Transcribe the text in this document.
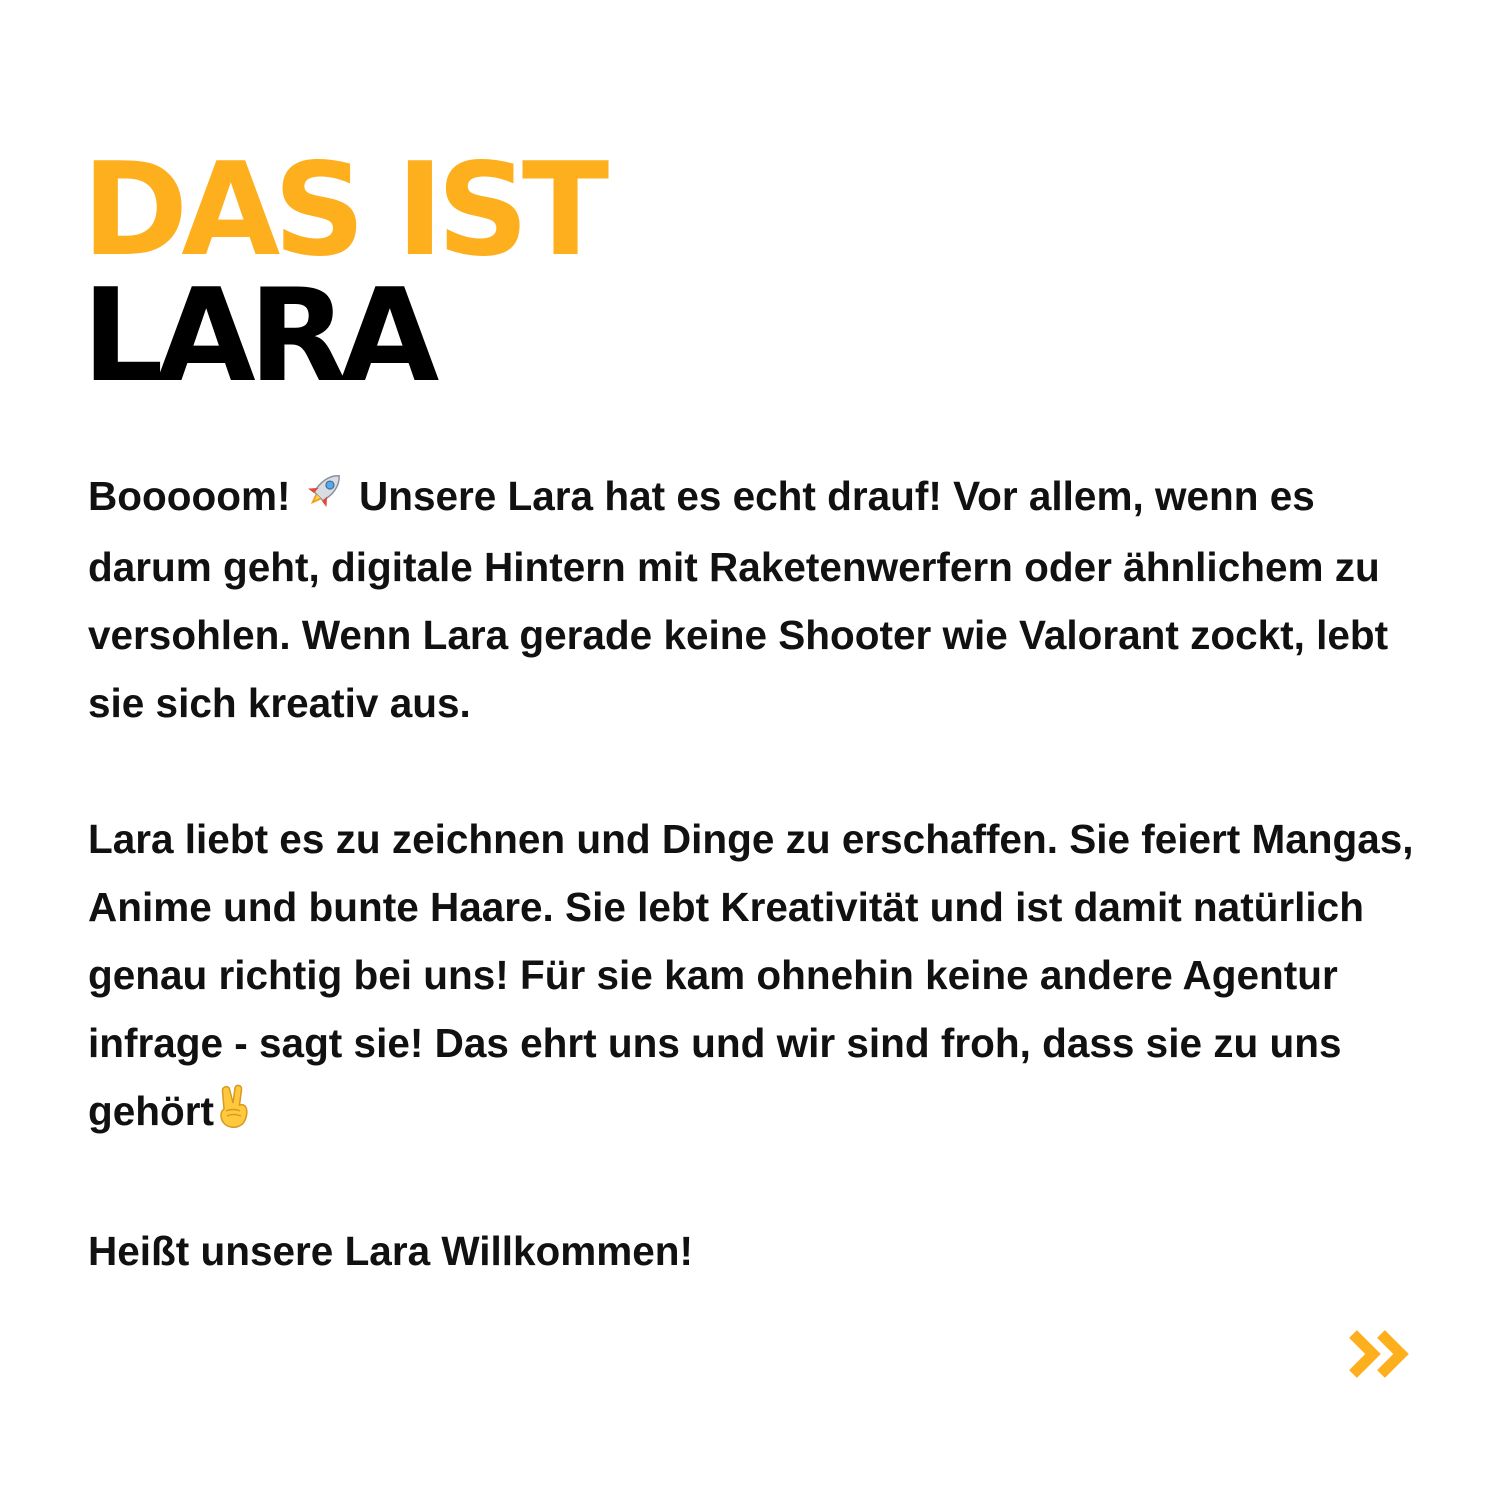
DAS IST
LARA

Booooom!  Unsere Lara hat es echt drauf! Vor allem, wenn es darum geht, digitale Hintern mit Raketenwerfern oder ähnlichem zu versohlen. Wenn Lara gerade keine Shooter wie Valorant zockt, lebt sie sich kreativ aus.

Lara liebt es zu zeichnen und Dinge zu erschaffen. Sie feiert Mangas, Anime und bunte Haare. Sie lebt Kreativität und ist damit natürlich genau richtig bei uns! Für sie kam ohnehin keine andere Agentur infrage - sagt sie! Das ehrt uns und wir sind froh, dass sie zu uns gehört

Heißt unsere Lara Willkommen!
